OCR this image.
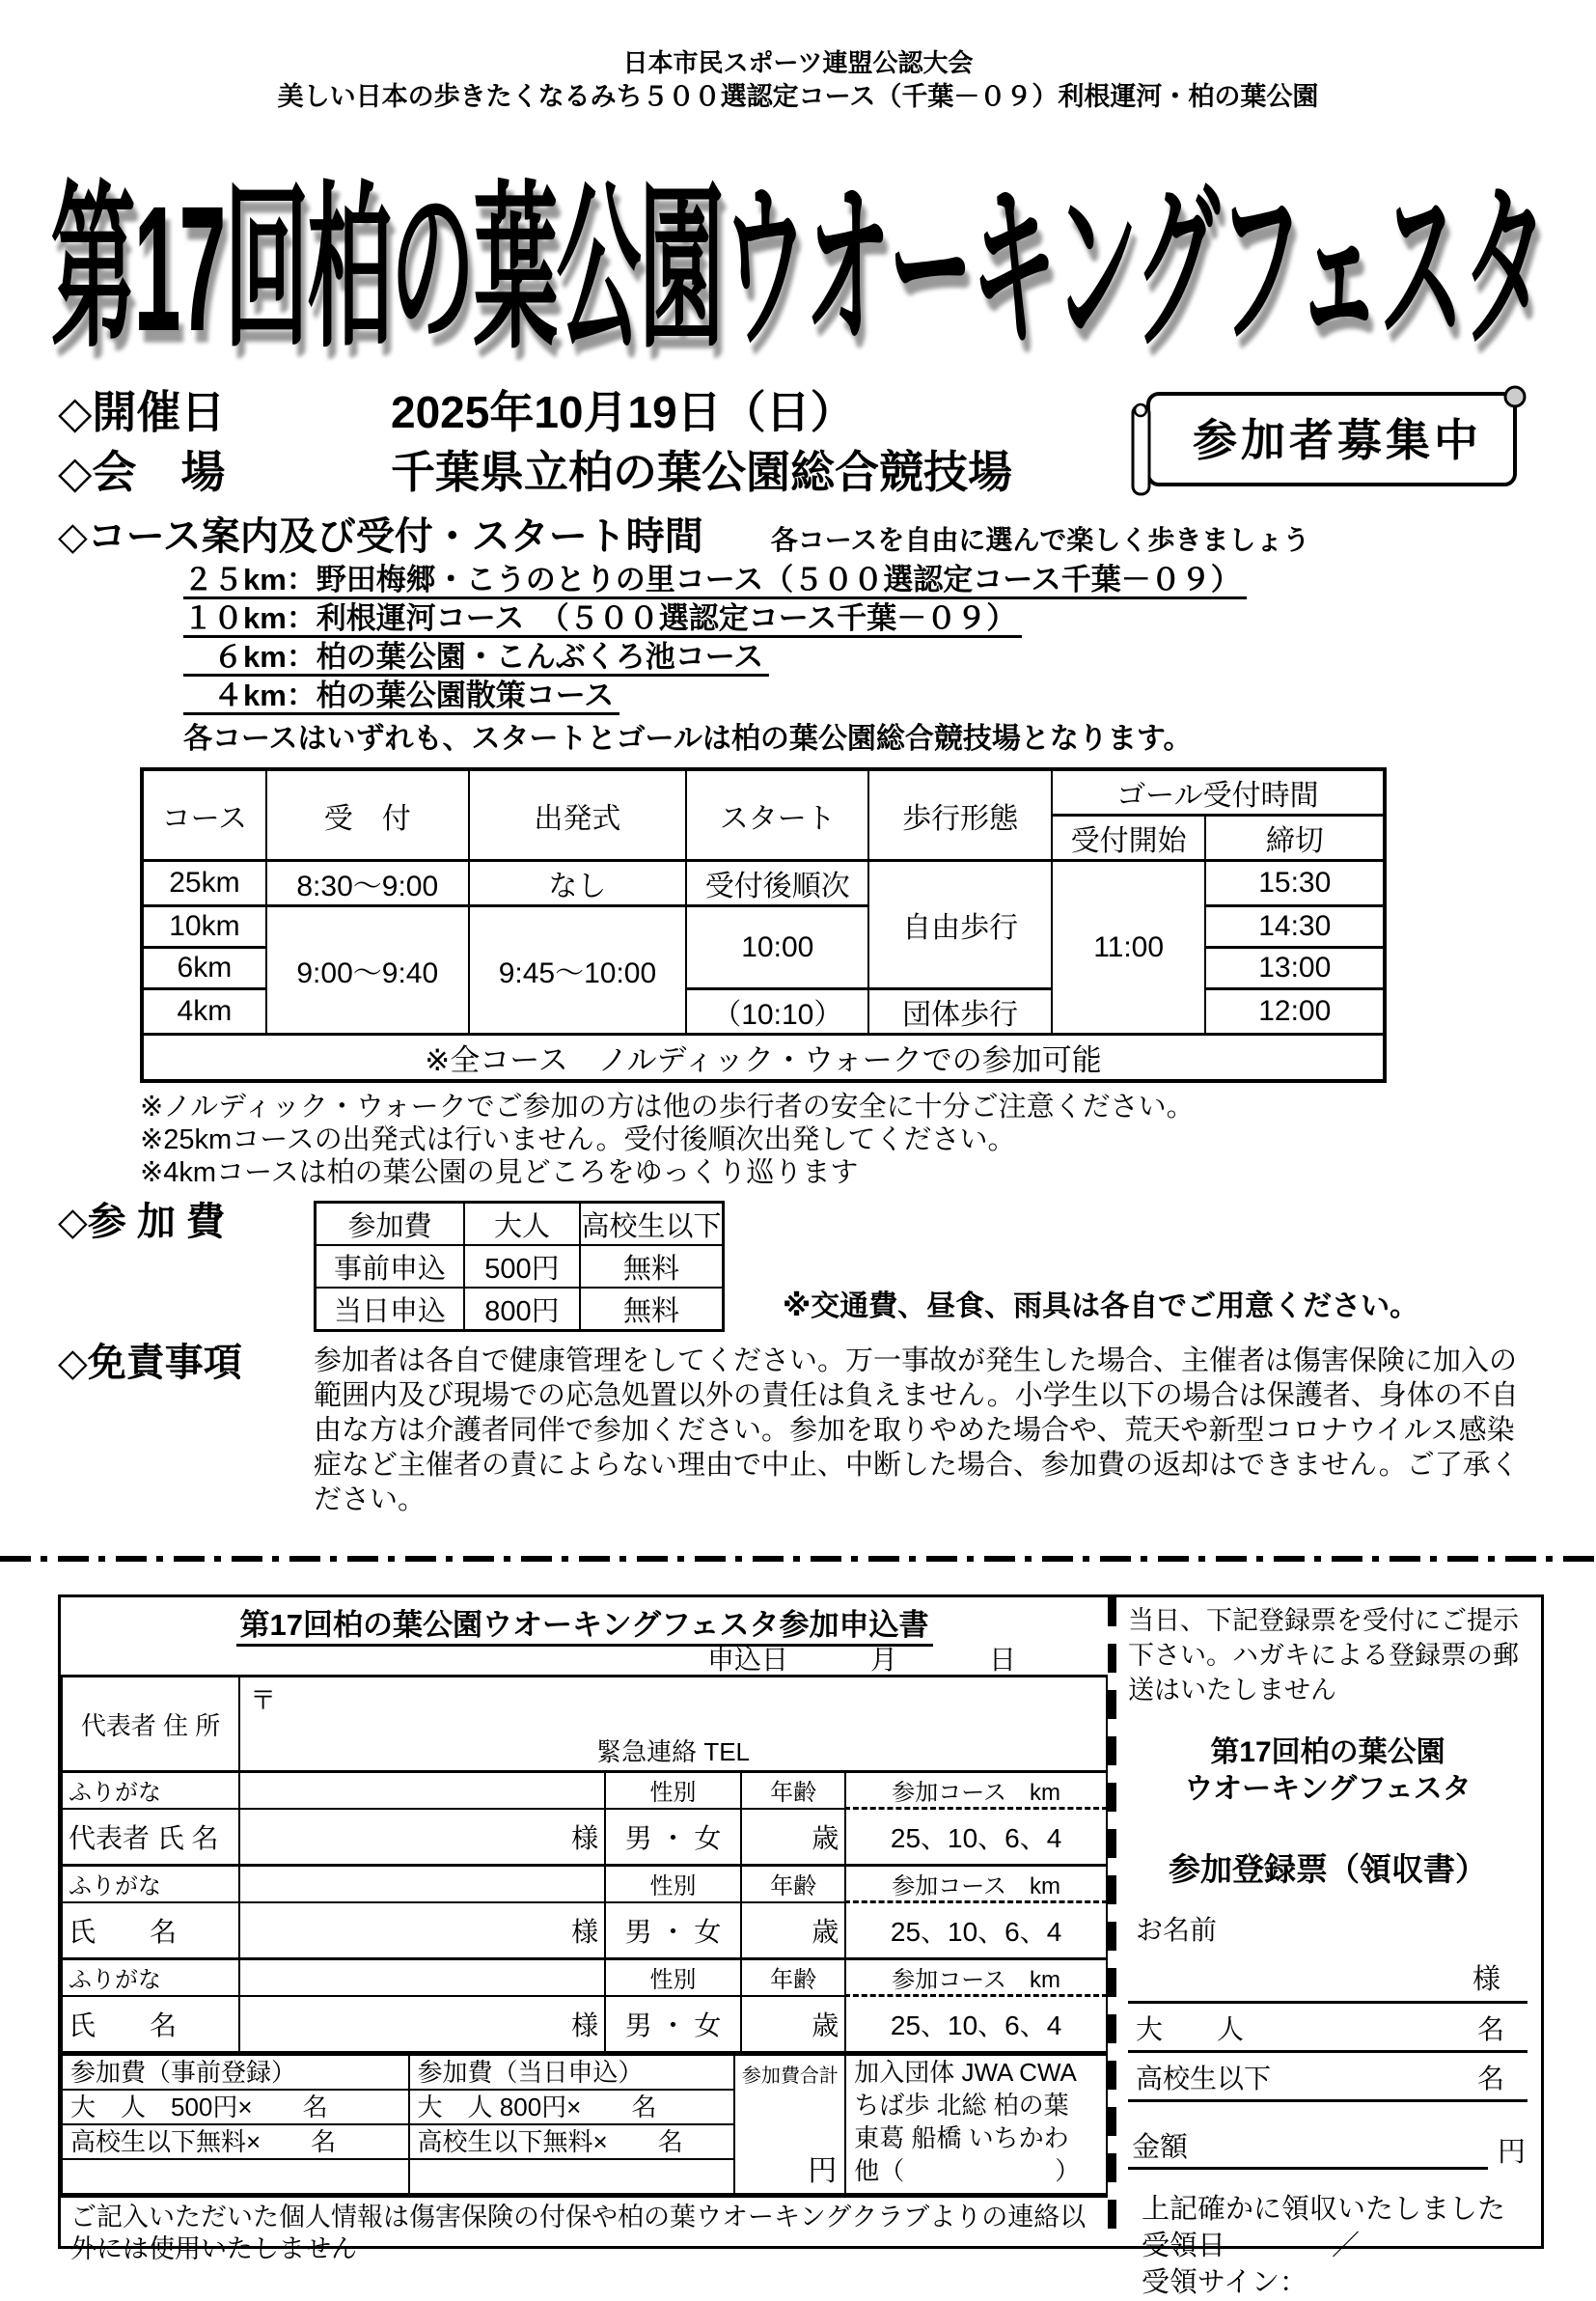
日本市民スポーツ連盟公認大会
美しい日本の歩きたくなるみち５００選認定コース（千葉－０９）利根運河・柏の葉公園
第17回柏の葉公園ウオーキングフェスタ
◇開催日	2025年10月19日（日）
◇会　場	千葉県立柏の葉公園総合競技場
参加者募集中
◇コース案内及び受付・スタート時間	各コースを自由に選んで楽しく歩きましょう
２５km：野田梅郷・こうのとりの里コース（５００選認定コース千葉－０９）
１０km：利根運河コース　（５００選認定コース千葉－０９）
　６km：柏の葉公園・こんぶくろ池コース
　４km：柏の葉公園散策コース
各コースはいずれも、スタートとゴールは柏の葉公園総合競技場となります。
コース	受　付	出発式	スタート	歩行形態	ゴール受付時間	
					受付開始	締切
25km	8:30～9:00	なし	受付後順次	自由歩行	11:00	15:30
10km	9:00～9:40	9:45～10:00	10:00			14:30
6km						13:00
4km			（10:10）	団体歩行		12:00
※全コース　ノルディック・ウォークでの参加可能						
※ノルディック・ウォークでご参加の方は他の歩行者の安全に十分ご注意ください。
※25kmコースの出発式は行いません。受付後順次出発してください。
※4kmコースは柏の葉公園の見どころをゆっくり巡ります
◇参 加 費	参加費	大人	高校生以下
事前申込	500円	無料
当日申込	800円	無料	※交通費、昼食、雨具は各自でご用意ください。
◇免責事項	参加者は各自で健康管理をしてください。万一事故が発生した場合、主催者は傷害保険に加入の範囲内及び現場での応急処置以外の責任は負えません。小学生以下の場合は保護者、身体の不自由な方は介護者同伴で参加ください。参加を取りやめた場合や、荒天や新型コロナウイルス感染症など主催者の責によらない理由で中止、中断した場合、参加費の返却はできません。ご了承ください。

第17回柏の葉公園ウオーキングフェスタ参加申込書
申込日	月	日
代表者 住 所	〒
緊急連絡 TEL			

ふりがな		性別	年齢	参加コース　km
代表者 氏 名	様	男 ・ 女	歳	25、10、6、4
ふりがな		性別	年齢	参加コース　km
氏　　名	様	男 ・ 女	歳	25、10、6、4
ふりがな		性別	年齢	参加コース　km
氏　　名	様	男 ・ 女	歳	25、10、6、4
参加費（事前登録）
大　人　500円×　　名
高校生以下無料×　　名

参加費（当日申込）
大　人 800円×　　名
高校生以下無料×　　名

参加費合計
円

加入団体 JWA CWA
ちば歩 北総 柏の葉
東葛 船橋 いちかわ
他（　　　　　　）
ご記入いただいた個人情報は傷害保険の付保や柏の葉ウオーキングクラブよりの連絡以外には使用いたしません
当日、下記登録票を受付にご提示下さい。ハガキによる登録票の郵送はいたしません
第17回柏の葉公園
ウオーキングフェスタ
参加登録票（領収書）
お名前
様
大　　人	名
高校生以下	名
金額	円
上記確かに領収いたしました
受領日	／
受領サイン：
